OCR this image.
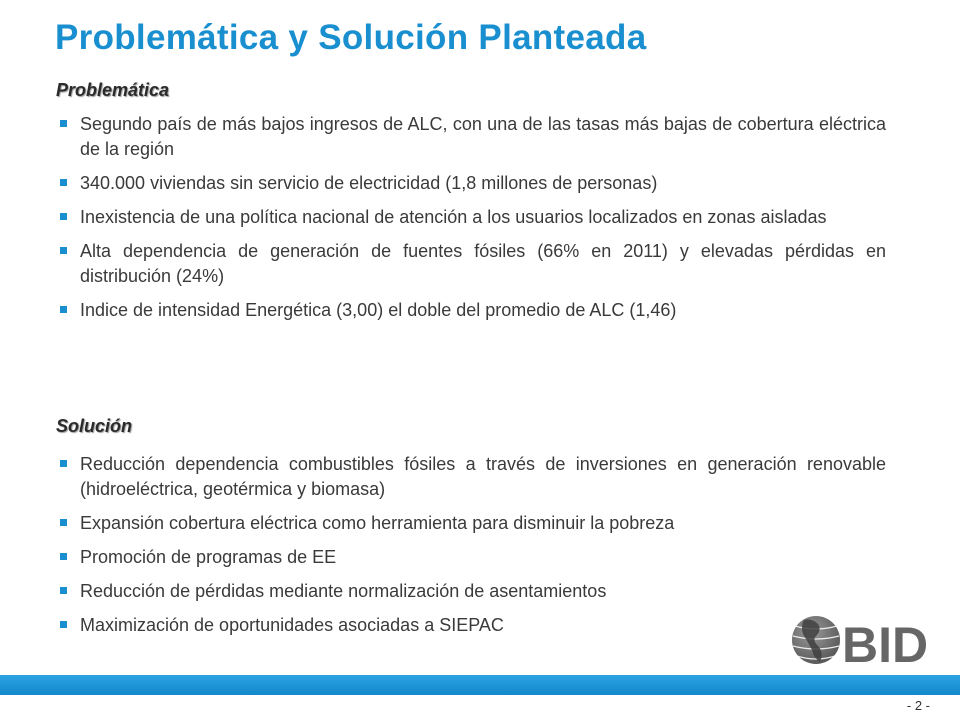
Problemática y Solución Planteada
Problemática
Segundo país de más bajos ingresos de ALC, con una de las tasas más bajas de cobertura eléctrica de la región
340.000 viviendas sin servicio de electricidad (1,8 millones de personas)
Inexistencia de una política nacional de atención a los usuarios localizados en zonas aisladas
Alta dependencia de generación de fuentes fósiles (66% en 2011) y elevadas pérdidas en distribución (24%)
Indice de intensidad Energética (3,00) el doble del promedio de ALC (1,46)
Solución
Reducción dependencia combustibles fósiles a través de inversiones en generación renovable (hidroeléctrica, geotérmica y biomasa)
Expansión cobertura eléctrica como herramienta para disminuir la pobreza
Promoción de programas de EE
Reducción de pérdidas mediante normalización de asentamientos
Maximización de oportunidades asociadas a SIEPAC	BID
- 2 -
